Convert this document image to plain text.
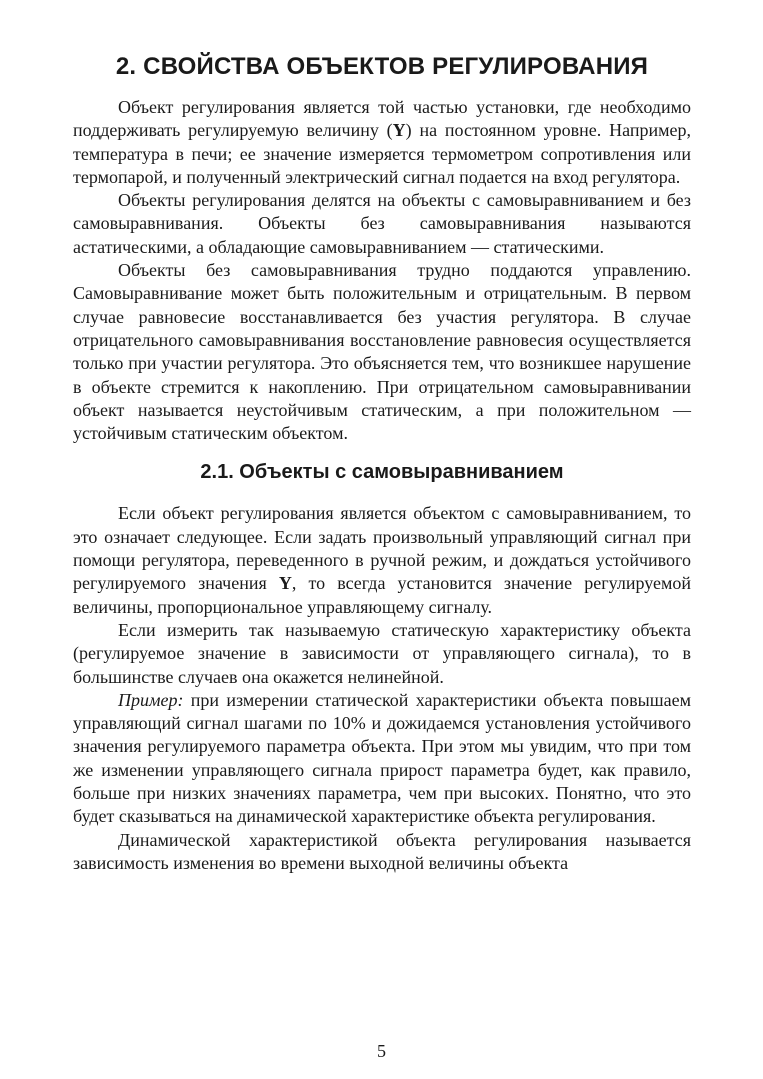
2. СВОЙСТВА ОБЪЕКТОВ РЕГУЛИРОВАНИЯ

Объект регулирования является той частью установки, где необходимо поддерживать регулируемую величину (Y) на постоянном уровне. Например, температура в печи; ее значение измеряется термометром сопротивления или термопарой, и полученный электрический сигнал подается на вход регулятора.

Объекты регулирования делятся на объекты с самовыравниванием и без самовыравнивания. Объекты без самовыравнивания называются астатическими, а обладающие самовыравниванием — статическими.

Объекты без самовыравнивания трудно поддаются управлению. Самовыравнивание может быть положительным и отрицательным. В первом случае равновесие восстанавливается без участия регулятора. В случае отрицательного самовыравнивания восстановление равновесия осуществляется только при участии регулятора. Это объясняется тем, что возникшее нарушение в объекте стремится к накоплению. При отрицательном самовыравнивании объект называется неустойчивым статическим, а при положительном — устойчивым статическим объектом.

2.1. Объекты с самовыравниванием

Если объект регулирования является объектом с самовыравниванием, то это означает следующее. Если задать произвольный управляющий сигнал при помощи регулятора, переведенного в ручной режим, и дождаться устойчивого регулируемого значения Y, то всегда установится значение регулируемой величины, пропорциональное управляющему сигналу.

Если измерить так называемую статическую характеристику объекта (регулируемое значение в зависимости от управляющего сигнала), то в большинстве случаев она окажется нелинейной.

Пример: при измерении статической характеристики объекта повышаем управляющий сигнал шагами по 10% и дожидаемся установления устойчивого значения регулируемого параметра объекта. При этом мы увидим, что при том же изменении управляющего сигнала прирост параметра будет, как правило, больше при низких значениях параметра, чем при высоких. Понятно, что это будет сказываться на динамической характеристике объекта регулирования.

Динамической характеристикой объекта регулирования называется зависимость изменения во времени выходной величины объекта

5
